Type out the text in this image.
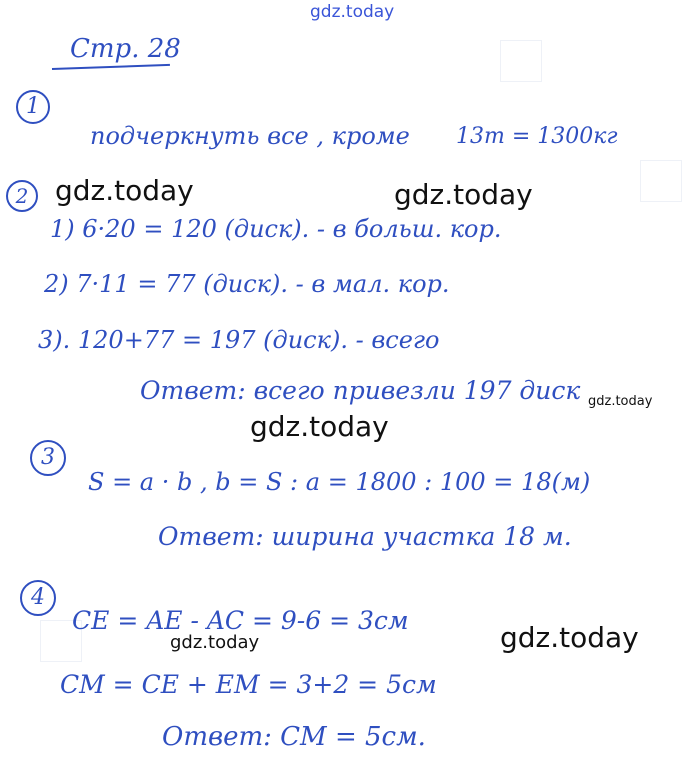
gdz.today
gdz.today	gdz.today
gdz.today
gdz.today
gdz.today	gdz.today
Стр. 28
1
подчеркнуть все , кроме 13т = 1300кг
2
1) 6·20 = 120 (диск). - в больш. кор.
2) 7·11 = 77 (диск). - в мал. кор.
3). 120+77 = 197 (диск). - всего
Ответ: всего привезли 197 диск
3
S = a · b , b = S : a = 1800 : 100 = 18(м)
Ответ: ширина участка 18 м.
4
CE = AE - AC = 9-6 = 3см
CM = CE + EM = 3+2 = 5см
Ответ: CM = 5см.
